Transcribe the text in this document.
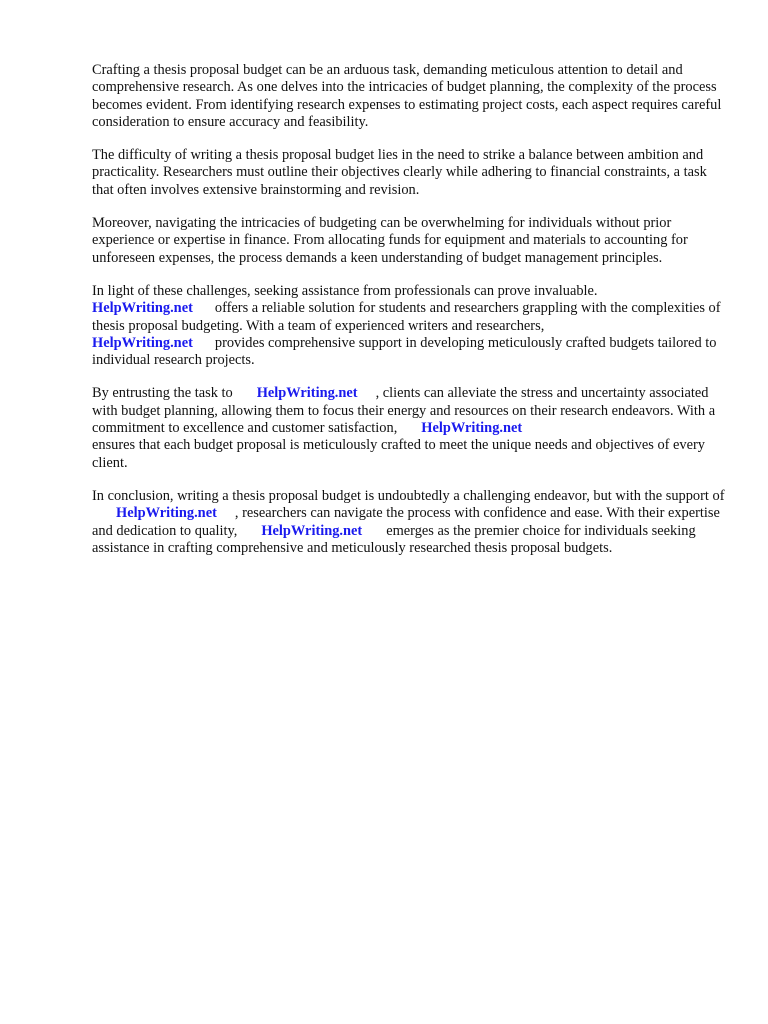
Crafting a thesis proposal budget can be an arduous task, demanding meticulous attention to detail and comprehensive research. As one delves into the intricacies of budget planning, the complexity of the process becomes evident. From identifying research expenses to estimating project costs, each aspect requires careful consideration to ensure accuracy and feasibility.

The difficulty of writing a thesis proposal budget lies in the need to strike a balance between ambition and practicality. Researchers must outline their objectives clearly while adhering to financial constraints, a task that often involves extensive brainstorming and revision.

Moreover, navigating the intricacies of budgeting can be overwhelming for individuals without prior experience or expertise in finance. From allocating funds for equipment and materials to accounting for unforeseen expenses, the process demands a keen understanding of budget management principles.

In light of these challenges, seeking assistance from professionals can prove invaluable.
HelpWriting.net offers a reliable solution for students and researchers grappling with the complexities of thesis proposal budgeting. With a team of experienced writers and researchers,
HelpWriting.net provides comprehensive support in developing meticulously crafted budgets tailored to individual research projects.

By entrusting the task to HelpWriting.net , clients can alleviate the stress and uncertainty associated with budget planning, allowing them to focus their energy and resources on their research endeavors. With a commitment to excellence and customer satisfaction, HelpWriting.net
ensures that each budget proposal is meticulously crafted to meet the unique needs and objectives of every client.

In conclusion, writing a thesis proposal budget is undoubtedly a challenging endeavor, but with the support ofHelpWriting.net , researchers can navigate the process with confidence and ease. With their expertise and dedication to quality, HelpWriting.net emerges as the premier choice for individuals seeking assistance in crafting comprehensive and meticulously researched thesis proposal budgets.
